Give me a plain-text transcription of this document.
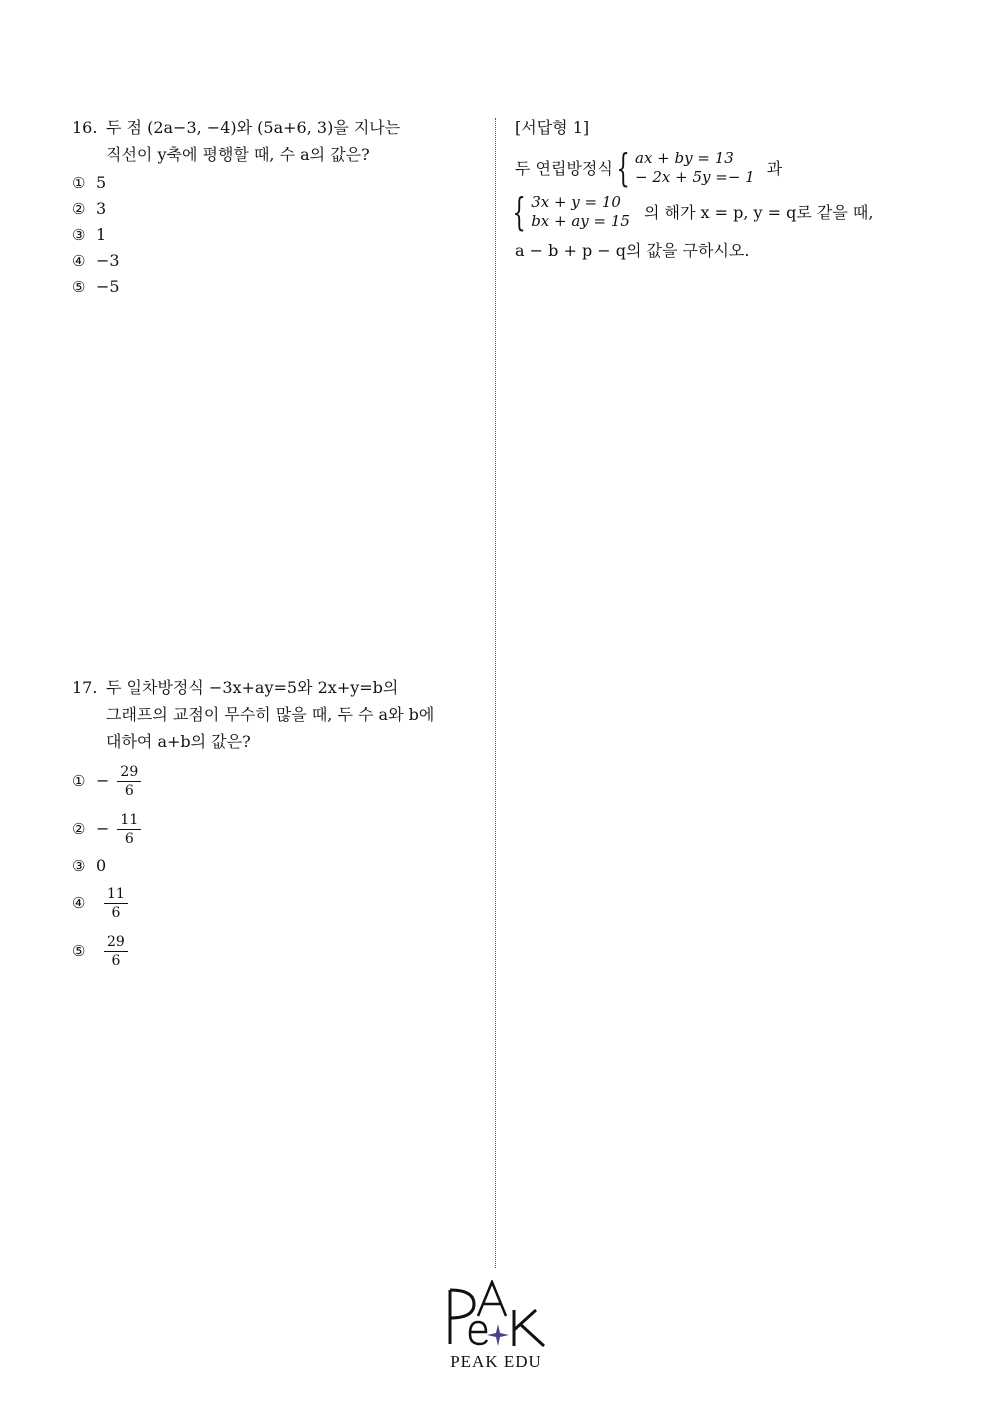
16. 두 점 (2a−3, −4)와 (5a+6, 3)을 지나는

직선이 y축에 평행할 때, 수 a의 값은?

① 5
② 3
③ 1
④ −3
⑤ −5

17. 두 일차방정식 −3x+ay=5와 2x+y=b의

그래프의 교점이 무수히 많을 때, 두 수 a와 b에

대하여 a+b의 값은?

① − $\frac{29}{6}$
② − $\frac{11}{6}$
③ 0
④	$\frac{11}{6}$
⑤	$\frac{29}{6}$
[서답형 1]
두 연립방정식 { ax + by = 13
− 2x + 5y =− 1 과
{ 3x + y = 10
bx + ay = 15 의 해가 x = p, y = q로 같을 때,

a − b + p − q의 값을 구하시오.

PEAK EDU
